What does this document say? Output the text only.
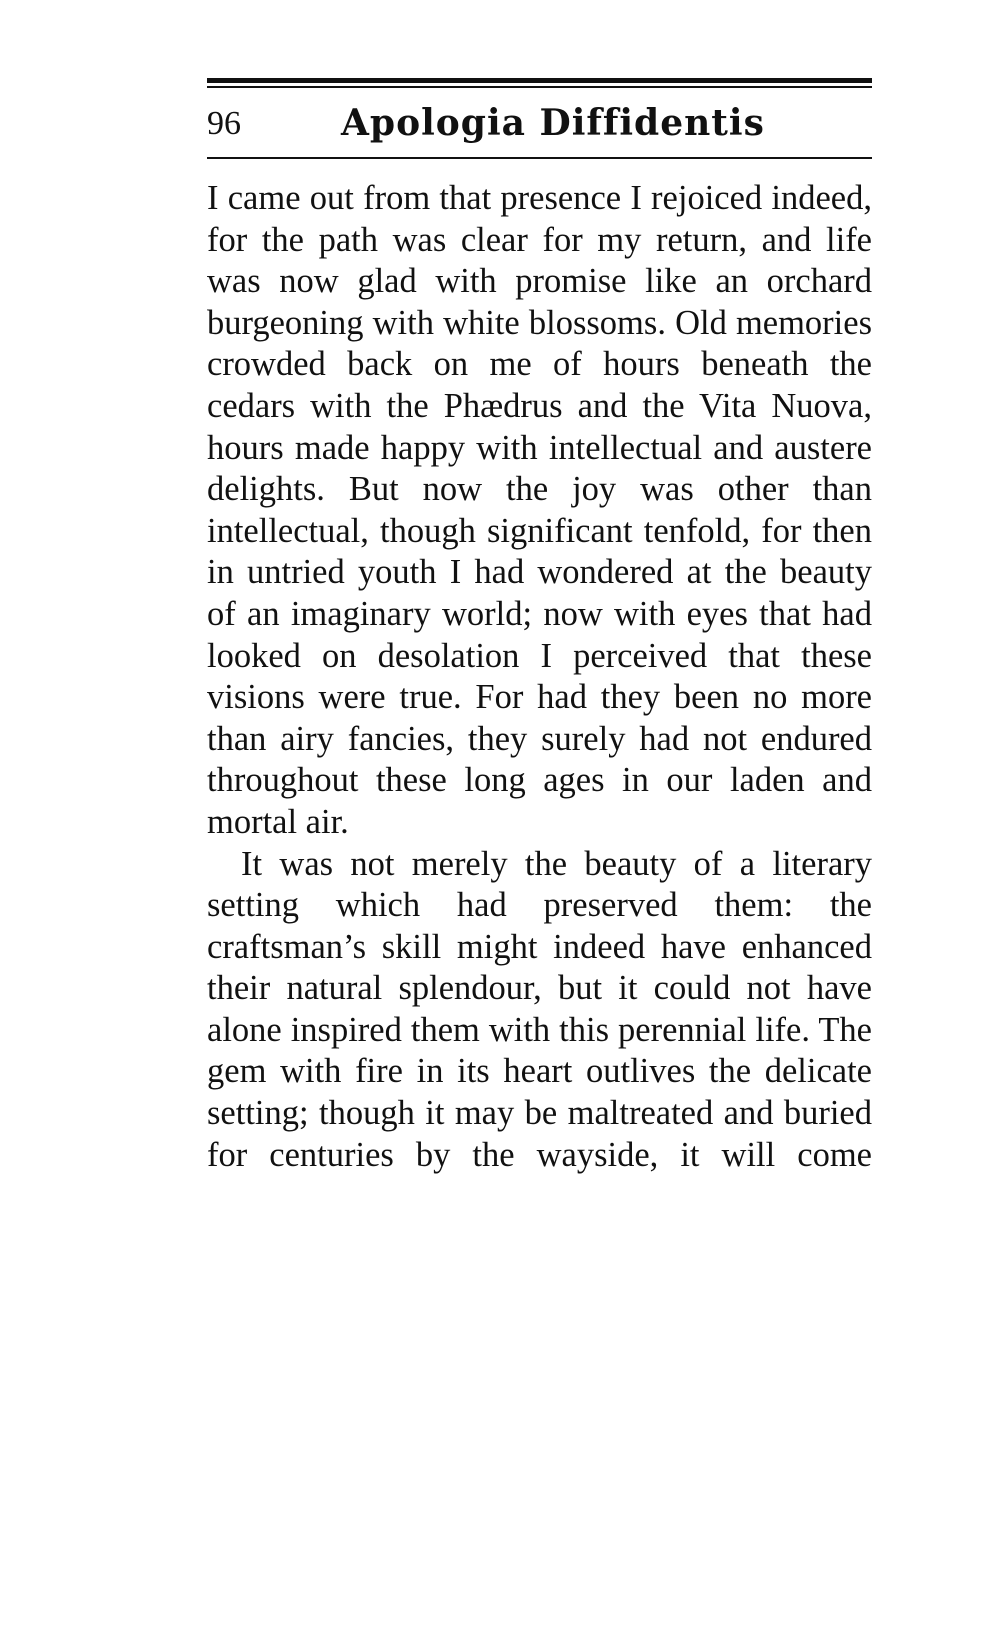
96	Apologia Diffidentis

I came out from that presence I rejoiced indeed, for the path was clear for my return, and life was now glad with promise like an orchard burgeoning with white blossoms. Old memories crowded back on me of hours beneath the cedars with the Phædrus and the Vita Nuova, hours made happy with intellectual and austere delights. But now the joy was other than intellectual, though significant tenfold, for then in untried youth I had wondered at the beauty of an imaginary world; now with eyes that had looked on desolation I perceived that these visions were true. For had they been no more than airy fancies, they surely had not endured throughout these long ages in our laden and mortal air.

It was not merely the beauty of a literary setting which had preserved them: the craftsman’s skill might indeed have enhanced their natural splendour, but it could not have alone inspired them with this perennial life. The gem with fire in its heart outlives the delicate setting; though it may be maltreated and buried for centuries by the wayside, it will come
